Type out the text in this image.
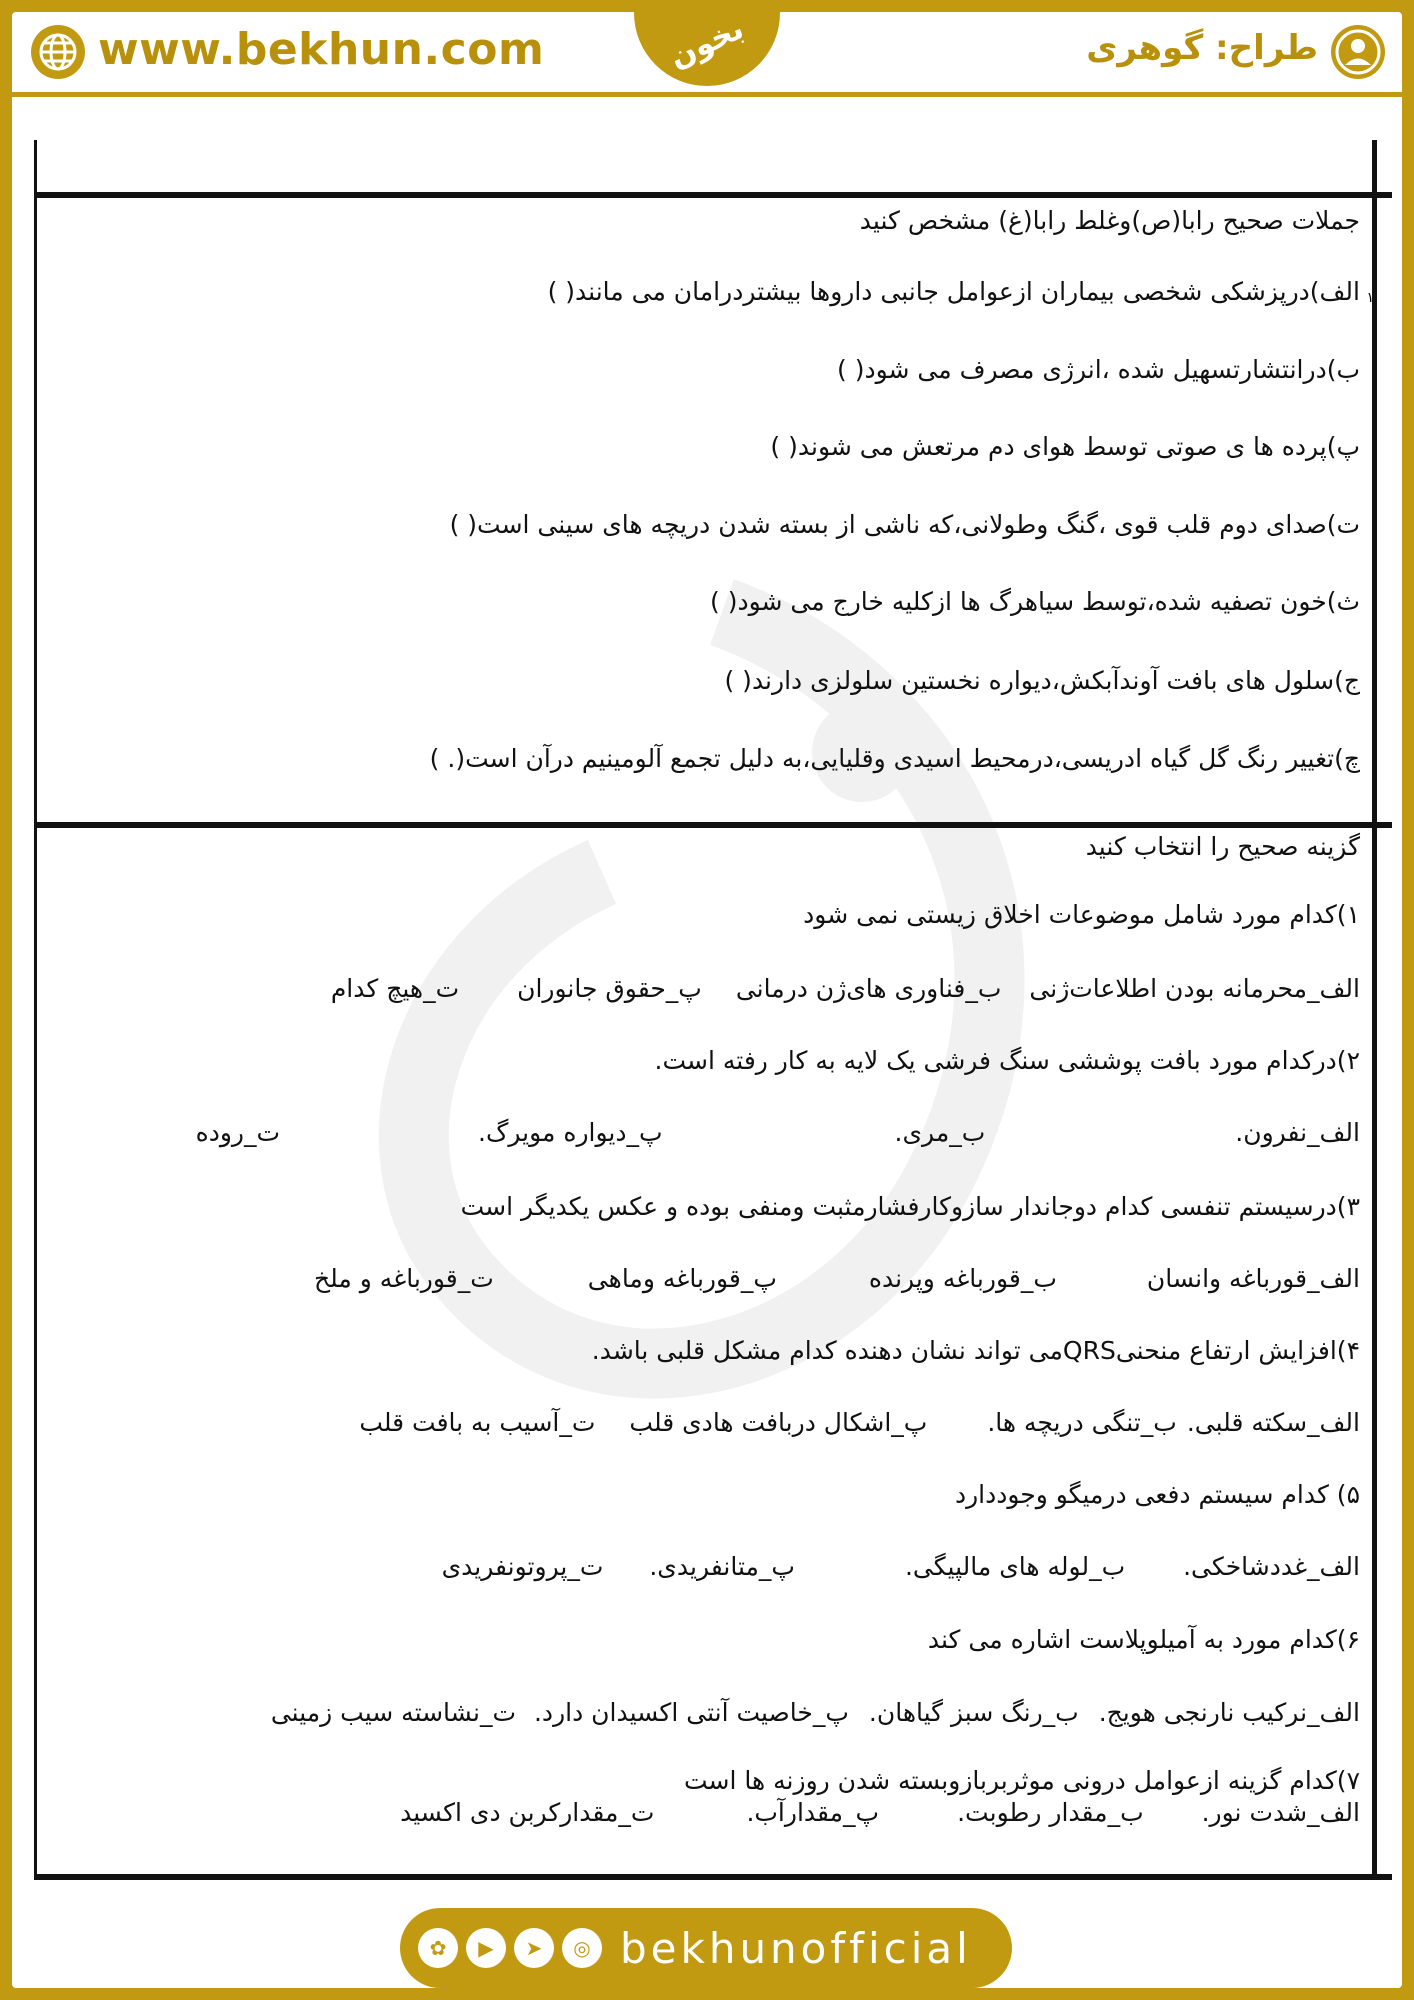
www.bekhun.com	بخون	طراح: گوهری
۱
جملات صحیح رابا(ص)وغلط رابا(غ) مشخص کنید
الف)درپزشکی شخصی بیماران ازعوامل جانبی داروها بیشتردرامان می مانند( )
ب)درانتشارتسهیل شده ،انرژی مصرف می شود( )
پ)پرده ها ی صوتی توسط هوای دم مرتعش می شوند( )
ت)صدای دوم قلب قوی ،گنگ وطولانی،که ناشی از بسته شدن دریچه های سینی است( )
ث)خون تصفیه شده،توسط سیاهرگ ها ازکلیه خارج می شود( )
ج)سلول های بافت آوندآبکش،دیواره نخستین سلولزی دارند( )
چ)تغییر رنگ گل گیاه ادریسی،درمحیط اسیدی وقلیایی،به دلیل تجمع آلومینیم درآن است(. )
گزینه صحیح را انتخاب کنید
۱)کدام مورد شامل موضوعات اخلاق زیستی نمی شود
الف_محرمانه بودن اطلاعات‌ژنی
ب_فناوری های‌ژن درمانی
پ_حقوق جانوران
ت_هیچ کدام
۲)درکدام مورد بافت پوششی سنگ فرشی یک لایه به کار رفته است.
الف_نفرون.
ب_مری.
پ_دیواره مویرگ.
ت_روده
۳)درسیستم تنفسی کدام دوجاندار سازوکارفشارمثبت ومنفی بوده و عکس یکدیگر است
الف_قورباغه وانسان
ب_قورباغه وپرنده
پ_قورباغه وماهی
ت_قورباغه و ملخ
۴)افزایش ارتفاع منحنیQRSمی تواند نشان دهنده کدام مشکل قلبی باشد.
الف_سکته قلبی.
ب_تنگی دریچه ها.
پ_اشکال دربافت هادی قلب
ت_آسیب به بافت قلب
۵) کدام سیستم دفعی درمیگو وجوددارد
الف_غددشاخکی.
ب_لوله های مالپیگی.
پ_متانفریدی.
ت_پروتونفریدی
۶)کدام مورد به آمیلوپلاست اشاره می کند
الف_نرکیب نارنجی هویج.
ب_رنگ سبز گیاهان.
پ_خاصیت آنتی اکسیدان دارد.
ت_نشاسته سیب زمینی
۷)کدام گزینه ازعوامل درونی موثربربازوبسته شدن روزنه ها است
الف_شدت نور.
ب_مقدار رطوبت.
پ_مقدارآب.
ت_مقدارکربن دی اکسید
✿	▶	➤	◎ bekhunofficial
